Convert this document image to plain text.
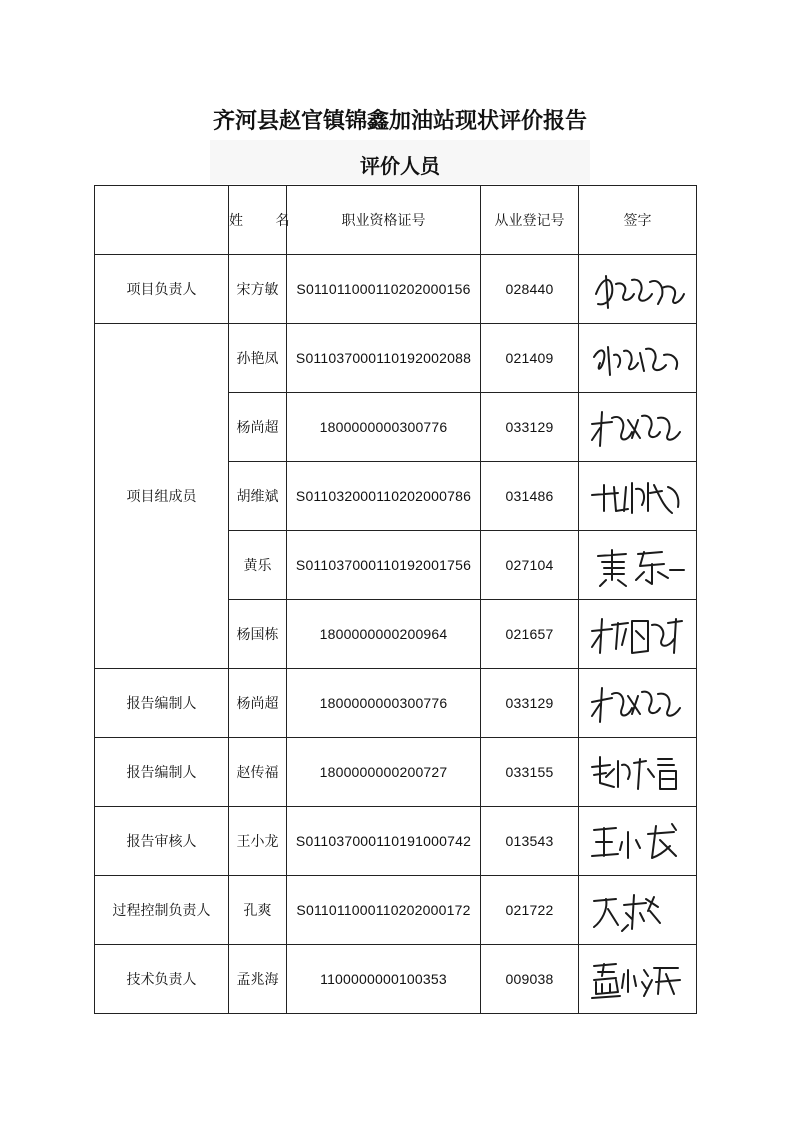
齐河县赵官镇锦鑫加油站现状评价报告
评价人员
	姓 名	职业资格证号	从业登记号	签字
项目负责人	宋方敏	S011011000110202000156	028440	

项目组成员	孙艳凤	S011037000110192002088	021409	

	杨尚超	1800000000300776	033129	

	胡维斌	S011032000110202000786	031486	

	黄乐	S011037000110192001756	027104	

	杨国栋	1800000000200964	021657	

报告编制人	杨尚超	1800000000300776	033129	

报告编制人	赵传福	1800000000200727	033155	

报告审核人	王小龙	S011037000110191000742	013543	

过程控制负责人	孔爽	S011011000110202000172	021722	

技术负责人	孟兆海	1100000000100353	009038	
